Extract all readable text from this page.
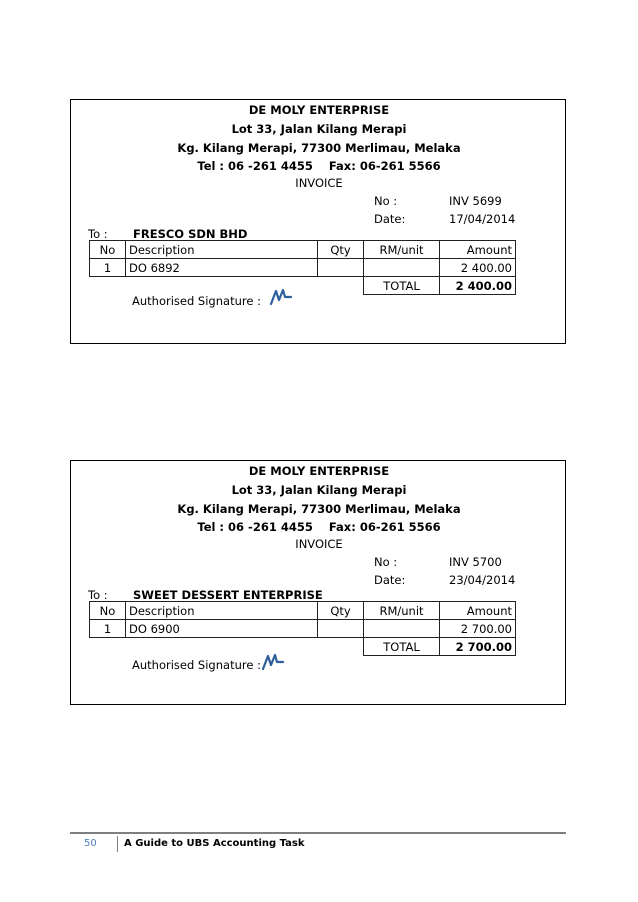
DE MOLY ENTERPRISE
Lot 33, Jalan Kilang Merapi
Kg. Kilang Merapi, 77300 Merlimau, Melaka
Tel : 06 -261 4455    Fax: 06-261 5566
INVOICE
No :	INV 5699
Date:	17/04/2014
To : FRESCO SDN BHD
No	Description	Qty	RM/unit	Amount
1	DO 6892			2 400.00
			TOTAL	2 400.00
Authorised Signature :
DE MOLY ENTERPRISE
Lot 33, Jalan Kilang Merapi
Kg. Kilang Merapi, 77300 Merlimau, Melaka
Tel : 06 -261 4455    Fax: 06-261 5566
INVOICE
No :	INV 5700
Date:	23/04/2014
To : SWEET DESSERT ENTERPRISE
No	Description	Qty	RM/unit	Amount
1	DO 6900			2 700.00
			TOTAL	2 700.00
Authorised Signature :
50	A Guide to UBS Accounting Task
